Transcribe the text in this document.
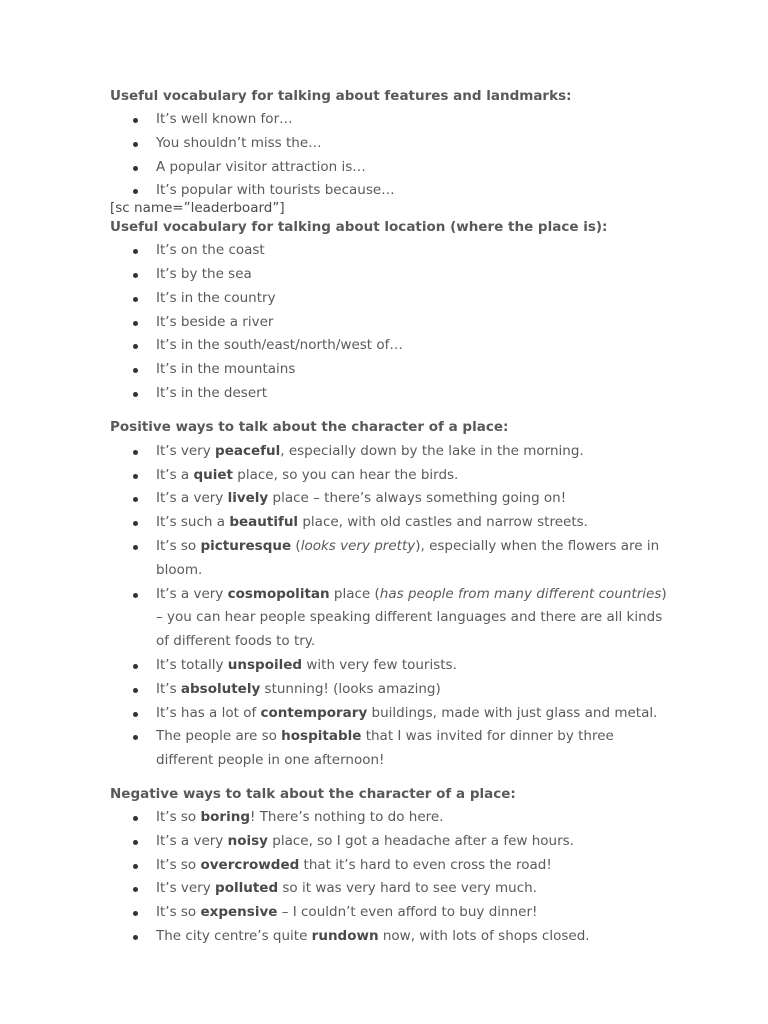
Useful vocabulary for talking about features and landmarks:

It’s well known for…
You shouldn’t miss the…
A popular visitor attraction is…
It’s popular with tourists because…

[sc name=”leaderboard”]

Useful vocabulary for talking about location (where the place is):

It’s on the coast
It’s by the sea
It’s in the country
It’s beside a river
It’s in the south/east/north/west of…
It’s in the mountains
It’s in the desert

Positive ways to talk about the character of a place:

It’s very peaceful, especially down by the lake in the morning.
It’s a quiet place, so you can hear the birds.
It’s a very lively place – there’s always something going on!
It’s such a beautiful place, with old castles and narrow streets.
It’s so picturesque (looks very pretty), especially when the flowers are in bloom.
It’s a very cosmopolitan place (has people from many different countries) – you can hear people speaking different languages and there are all kinds of different foods to try.
It’s totally unspoiled with very few tourists.
It’s absolutely stunning! (looks amazing)
It’s has a lot of contemporary buildings, made with just glass and metal.
The people are so hospitable that I was invited for dinner by three different people in one afternoon!

Negative ways to talk about the character of a place:

It’s so boring! There’s nothing to do here.
It’s a very noisy place, so I got a headache after a few hours.
It’s so overcrowded that it’s hard to even cross the road!
It’s very polluted so it was very hard to see very much.
It’s so expensive – I couldn’t even afford to buy dinner!
The city centre’s quite rundown now, with lots of shops closed.
